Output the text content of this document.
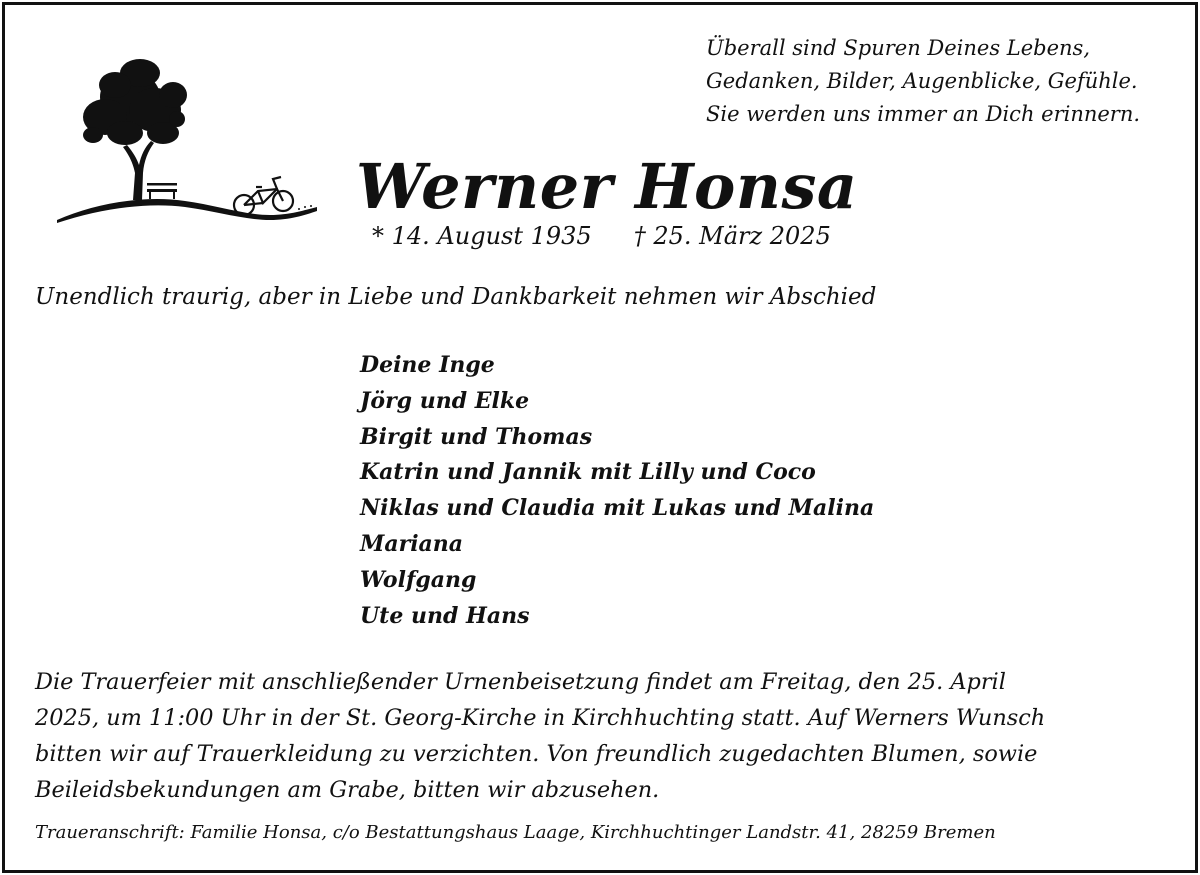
Überall sind Spuren Deines Lebens,
Gedanken, Bilder, Augenblicke, Gefühle.
Sie werden uns immer an Dich erinnern.
Werner Honsa
* 14. August 1935 † 25. März 2025
Unendlich traurig, aber in Liebe und Dankbarkeit nehmen wir Abschied
Deine Inge
Jörg und Elke
Birgit und Thomas
Katrin und Jannik mit Lilly und Coco
Niklas und Claudia mit Lukas und Malina
Mariana
Wolfgang
Ute und Hans
Die Trauerfeier mit anschließender Urnenbeisetzung findet am Freitag, den 25. April
2025, um 11:00 Uhr in der St. Georg-Kirche in Kirchhuchting statt. Auf Werners Wunsch
bitten wir auf Trauerkleidung zu verzichten. Von freundlich zugedachten Blumen, sowie
Beileidsbekundungen am Grabe, bitten wir abzusehen.
Traueranschrift: Familie Honsa, c/o Bestattungshaus Laage, Kirchhuchtinger Landstr. 41, 28259 Bremen
